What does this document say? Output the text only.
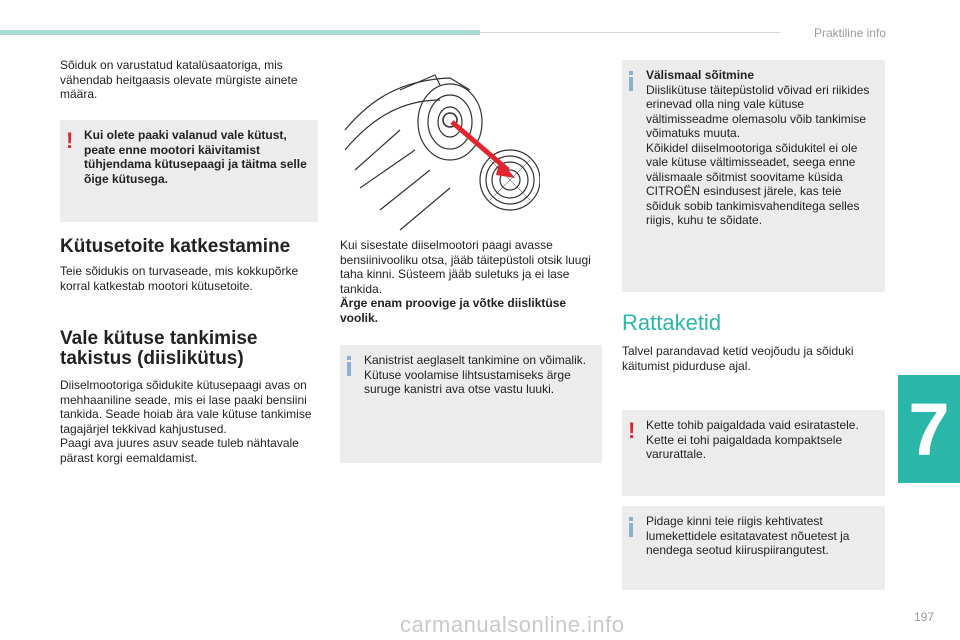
Praktiline info
Sõiduk on varustatud katalüsaatoriga, mis vähendab heitgaasis olevate mürgiste ainete määra.
! Kui olete paaki valanud vale kütust, peate enne mootori käivitamist tühjendama kütusepaagi ja täitma selle õige kütusega.
Kütusetoite katkestamine
Teie sõidukis on turvaseade, mis kokkupõrke korral katkestab mootori kütusetoite.
Vale kütuse tankimise
takistus (diislikütus)
Diiselmootoriga sõidukite kütusepaagi avas on mehhaaniline seade, mis ei lase paaki bensiini tankida. Seade hoiab ära vale kütuse tankimise tagajärjel tekkivad kahjustused.
Paagi ava juures asuv seade tuleb nähtavale pärast korgi eemaldamist.
Kui sisestate diiselmootori paagi avasse bensiinivooliku otsa, jääb täitepüstoli otsik luugi taha kinni. Süsteem jääb suletuks ja ei lase tankida.
Ärge enam proovige ja võtke diisliktüse voolik.
Kanistrist aeglaselt tankimine on võimalik. Kütuse voolamise lihtsustamiseks ärge suruge kanistri ava otse vastu luuki.
Välismaal sõitmine
Diislikütuse täitepüstolid võivad eri riikides erinevad olla ning vale kütuse vältimisseadme olemasolu võib tankimise võimatuks muuta.
Kõikidel diiselmootoriga sõidukitel ei ole vale kütuse vältimisseadet, seega enne välismaale sõitmist soovitame küsida CITROËN esindusest järele, kas teie sõiduk sobib tankimisvahenditega selles riigis, kuhu te sõidate.
Rattaketid
Talvel parandavad ketid veojõudu ja sõiduki käitumist pidurduse ajal.
! Kette tohib paigaldada vaid esiratastele. Kette ei tohi paigaldada kompaktsele varurattale.
Pidage kinni teie riigis kehtivatest lumekettidele esitatavatest nõuetest ja nendega seotud kiiruspiirangutest.
7
197
carmanualsonline.info
